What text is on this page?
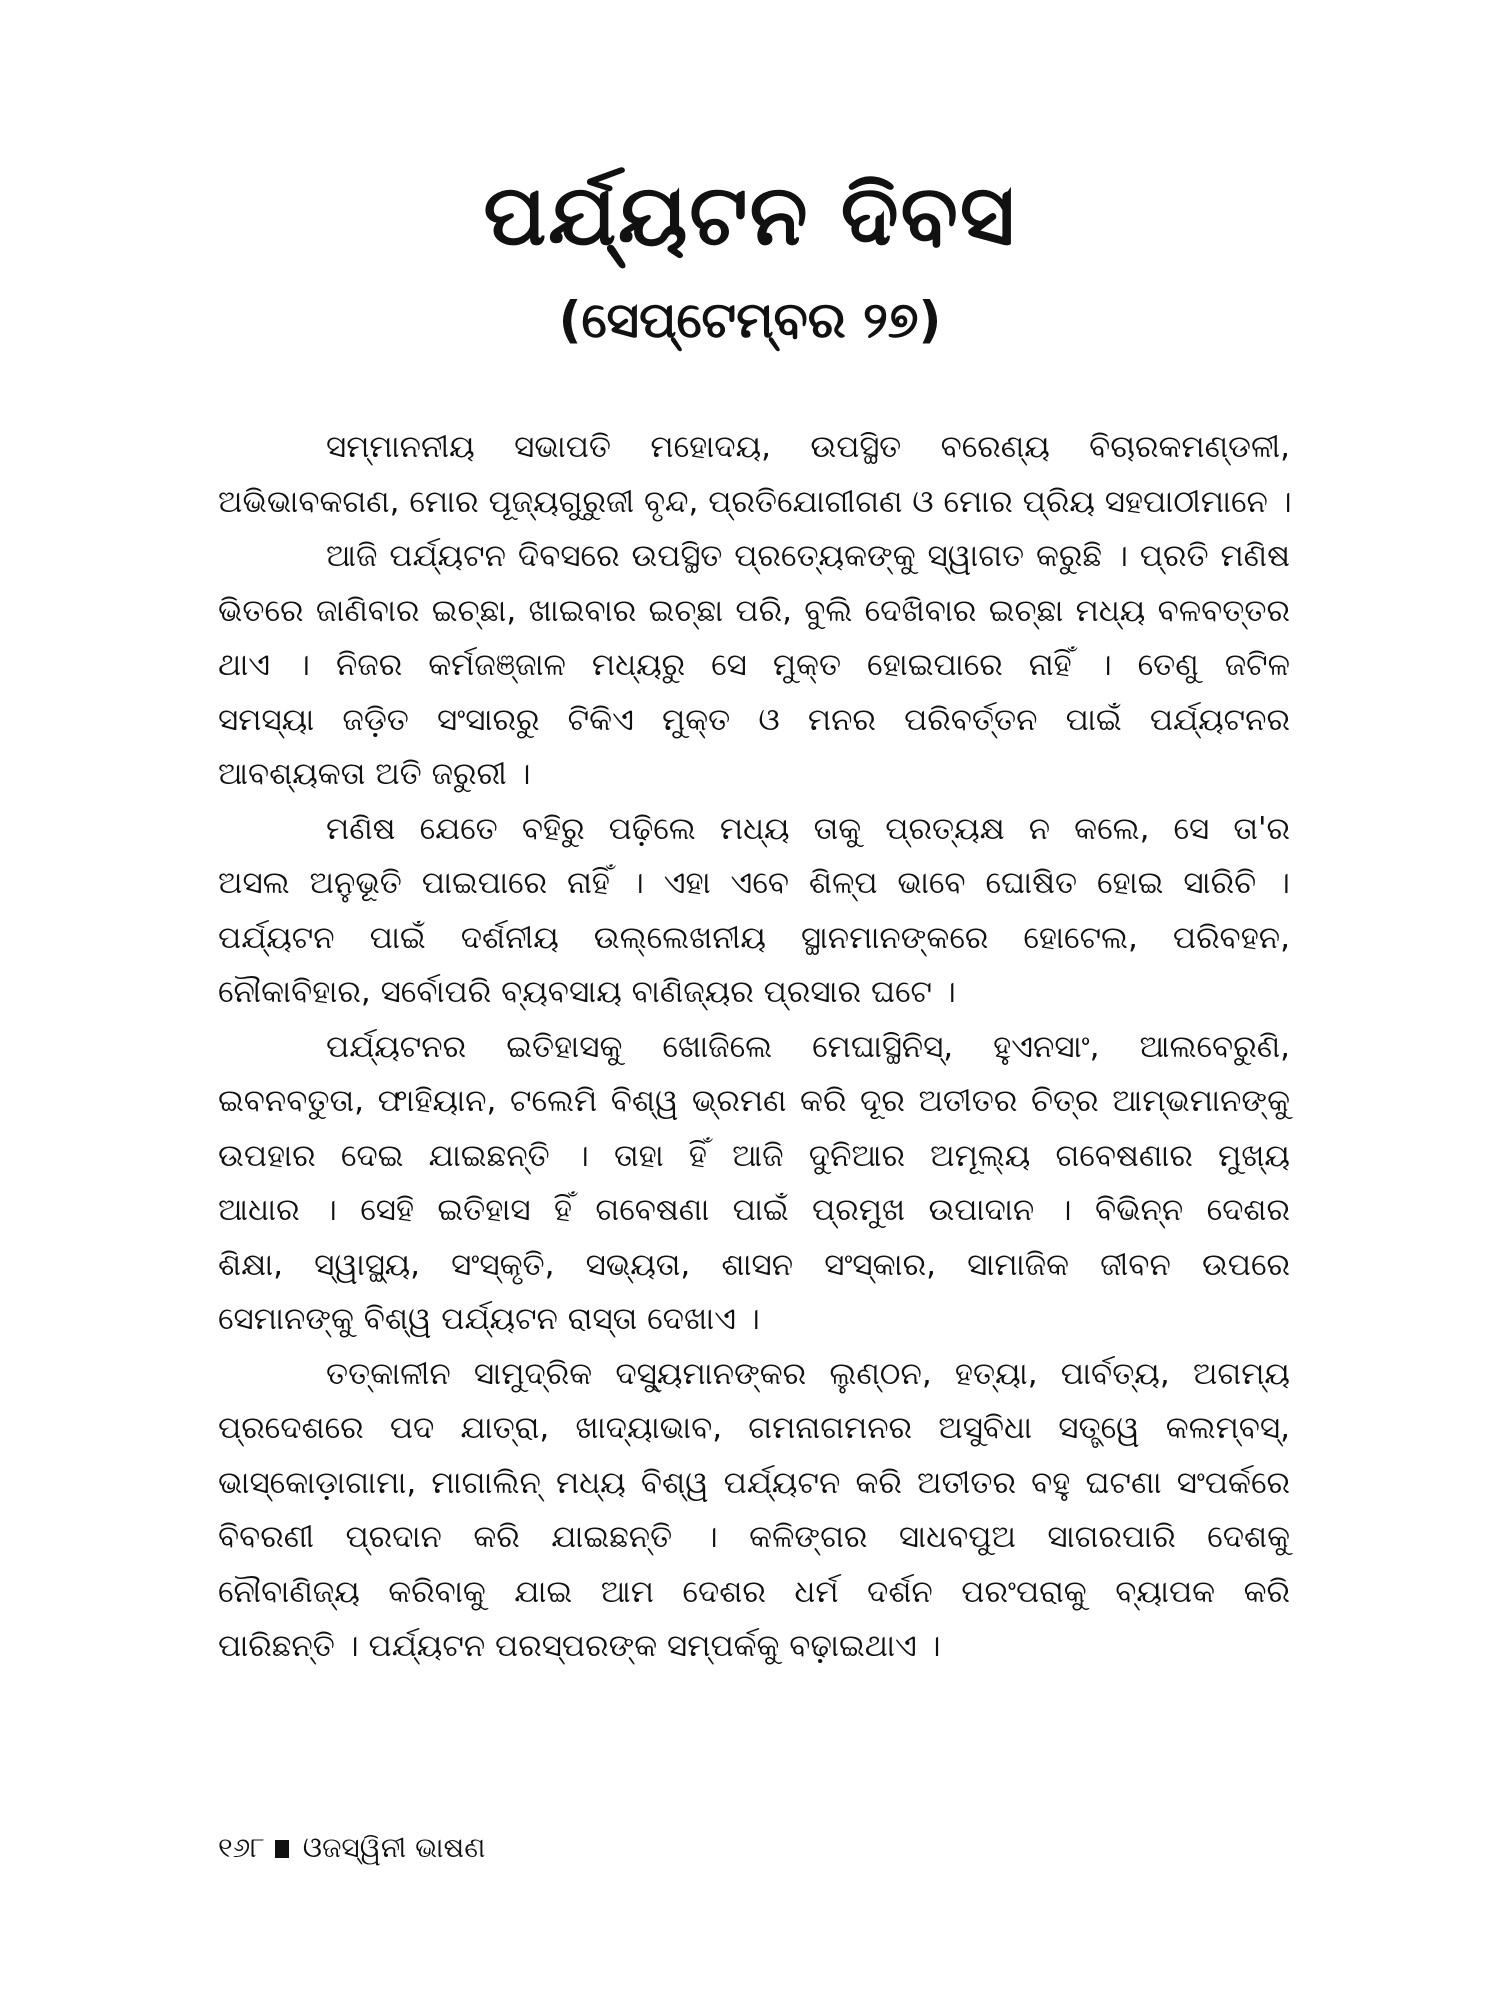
ପର୍ଯ୍ୟଟନ ଦିବସ
(ସେପ୍ଟେମ୍ବର ୨୭)
ସମ୍ମାନନୀୟ ସଭାପତି ମହୋଦୟ, ଉପସ୍ଥିତ ବରେଣ୍ୟ ବିଚାରକମଣ୍ଡଳୀ,
ଅଭିଭାବକଗଣ, ମୋର ପୂଜ୍ୟଗୁରୁଜୀ ବୃନ୍ଦ, ପ୍ରତିଯୋଗୀଗଣ ଓ ମୋର ପ୍ରିୟ ସହପାଠୀମାନେ ।
ଆଜି ପର୍ଯ୍ୟଟନ ଦିବସରେ ଉପସ୍ଥିତ ପ୍ରତ୍ୟେକଙ୍କୁ ସ୍ୱାଗତ କରୁଛି । ପ୍ରତି ମଣିଷ
ଭିତରେ ଜାଣିବାର ଇଚ୍ଛା, ଖାଇବାର ଇଚ୍ଛା ପରି, ବୁଲି ଦେଖିବାର ଇଚ୍ଛା ମଧ୍ୟ ବଳବତ୍ତର
ଥାଏ । ନିଜର କର୍ମଜଞ୍ଜାଳ ମଧ୍ୟରୁ ସେ ମୁକ୍ତ ହୋଇପାରେ ନାହିଁ । ତେଣୁ ଜଟିଳ
ସମସ୍ୟା ଜଡ଼ିତ ସଂସାରରୁ ଟିକିଏ ମୁକ୍ତ ଓ ମନର ପରିବର୍ତ୍ତନ ପାଇଁ ପର୍ଯ୍ୟଟନର
ଆବଶ୍ୟକତା ଅତି ଜରୁରୀ ।
ମଣିଷ ଯେତେ ବହିରୁ ପଢ଼ିଲେ ମଧ୍ୟ ତାକୁ ପ୍ରତ୍ୟକ୍ଷ ନ କଲେ, ସେ ତା'ର
ଅସଲ ଅନୁଭୂତି ପାଇପାରେ ନାହିଁ । ଏହା ଏବେ ଶିଳ୍ପ ଭାବେ ଘୋଷିତ ହୋଇ ସାରିଚି ।
ପର୍ଯ୍ୟଟନ ପାଇଁ ଦର୍ଶନୀୟ ଉଲ୍ଲେଖନୀୟ ସ୍ଥାନମାନଙ୍କରେ ହୋଟେଲ, ପରିବହନ,
ନୌକାବିହାର, ସର୍ବୋପରି ବ୍ୟବସାୟ ବାଣିଜ୍ୟର ପ୍ରସାର ଘଟେ ।
ପର୍ଯ୍ୟଟନର ଇତିହାସକୁ ଖୋଜିଲେ ମେଘାସ୍ଥିନିସ୍, ହୁଏନସାଂ, ଆଲବେରୁଣି,
ଇବନବତୁତା, ଫାହିୟାନ, ଟଲେମି ବିଶ୍ୱ ଭ୍ରମଣ କରି ଦୂର ଅତୀତର ଚିତ୍ର ଆମ୍ଭମାନଙ୍କୁ
ଉପହାର ଦେଇ ଯାଇଛନ୍ତି । ତାହା ହିଁ ଆଜି ଦୁନିଆର ଅମୂଲ୍ୟ ଗବେଷଣାର ମୁଖ୍ୟ
ଆଧାର । ସେହି ଇତିହାସ ହିଁ ଗବେଷଣା ପାଇଁ ପ୍ରମୁଖ ଉପାଦାନ । ବିଭିନ୍ନ ଦେଶର
ଶିକ୍ଷା, ସ୍ୱାସ୍ଥ୍ୟ, ସଂସ୍କୃତି, ସଭ୍ୟତା, ଶାସନ ସଂସ୍କାର, ସାମାଜିକ ଜୀବନ ଉପରେ
ସେମାନଙ୍କୁ ବିଶ୍ୱ ପର୍ଯ୍ୟଟନ ରାସ୍ତା ଦେଖାଏ ।
ତତ୍କାଳୀନ ସାମୁଦ୍ରିକ ଦସ୍ୟୁମାନଙ୍କର ଲୁଣ୍ଠନ, ହତ୍ୟା, ପାର୍ବତ୍ୟ, ଅଗମ୍ୟ
ପ୍ରଦେଶରେ ପଦ ଯାତ୍ରା, ଖାଦ୍ୟାଭାବ, ଗମନାଗମନର ଅସୁବିଧା ସତ୍ତ୍ୱେ କଲମ୍ବସ୍,
ଭାସ୍କୋଡ଼ାଗାମା, ମାଗାଲିନ୍ ମଧ୍ୟ ବିଶ୍ୱ ପର୍ଯ୍ୟଟନ କରି ଅତୀତର ବହୁ ଘଟଣା ସଂପର୍କରେ
ବିବରଣୀ ପ୍ରଦାନ କରି ଯାଇଛନ୍ତି । କଳିଙ୍ଗର ସାଧବପୁଅ ସାଗରପାରି ଦେଶକୁ
ନୌବାଣିଜ୍ୟ କରିବାକୁ ଯାଇ ଆମ ଦେଶର ଧର୍ମ ଦର୍ଶନ ପରଂପରାକୁ ବ୍ୟାପକ କରି
ପାରିଛନ୍ତି । ପର୍ଯ୍ୟଟନ ପରସ୍ପରଙ୍କ ସମ୍ପର୍କକୁ ବଢ଼ାଇଥାଏ ।
୧୬୮ ଓଜସ୍ୱିନୀ ଭାଷଣ
